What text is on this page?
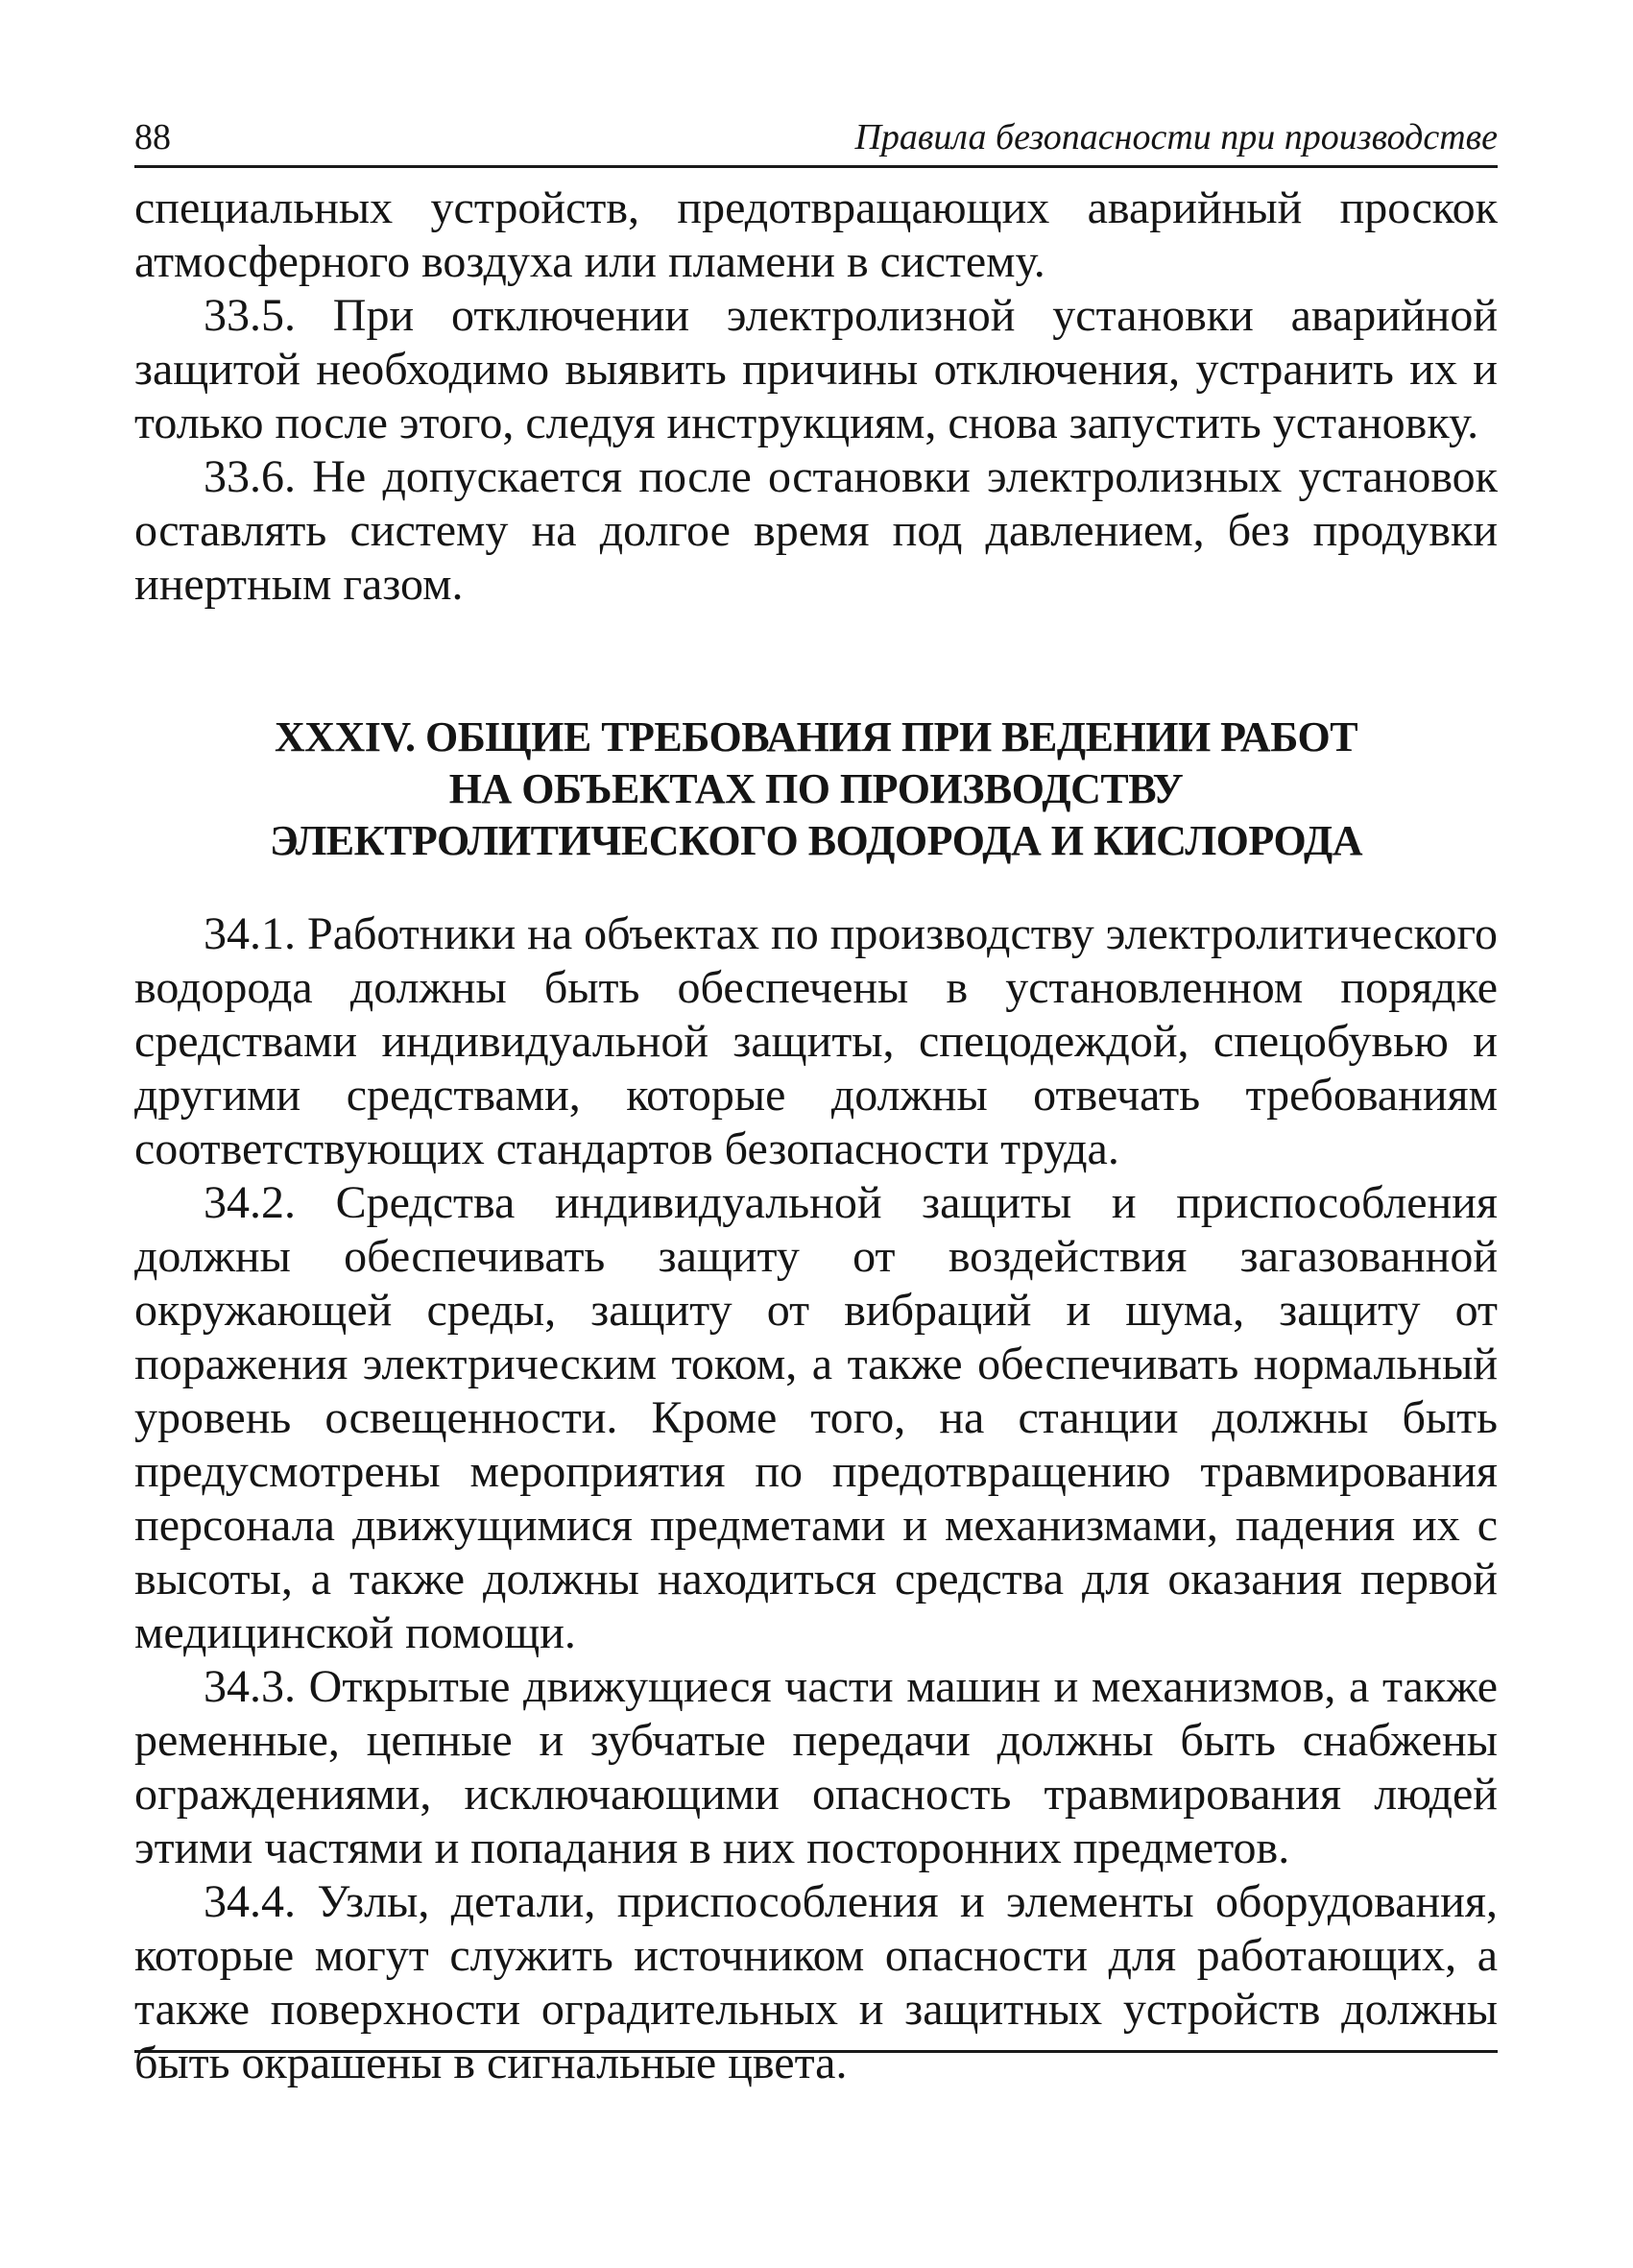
88	Правила безопасности при производстве

специальных устройств, предотвращающих аварийный проскок атмосферного воздуха или пламени в систему.

33.5. При отключении электролизной установки аварийной защитой необходимо выявить причины отключения, устранить их и только после этого, следуя инструкциям, снова запустить установку.

33.6. Не допускается после остановки электролизных установок оставлять систему на долгое время под давлением, без продувки инертным газом.

XXXIV. ОБЩИЕ ТРЕБОВАНИЯ ПРИ ВЕДЕНИИ РАБОТ
НА ОБЪЕКТАХ ПО ПРОИЗВОДСТВУ
ЭЛЕКТРОЛИТИЧЕСКОГО ВОДОРОДА И КИСЛОРОДА

34.1. Работники на объектах по производству электролитического водорода должны быть обеспечены в установленном порядке средствами индивидуальной защиты, спецодеждой, спецобувью и другими средствами, которые должны отвечать требованиям соответствующих стандартов безопасности труда.

34.2. Средства индивидуальной защиты и приспособления должны обеспечивать защиту от воздействия загазованной окружающей среды, защиту от вибраций и шума, защиту от поражения электрическим током, а также обеспечивать нормальный уровень освещенности. Кроме того, на станции должны быть предусмотрены мероприятия по предотвращению травмирования персонала движущимися предметами и механизмами, падения их с высоты, а также должны находиться средства для оказания первой медицинской помощи.

34.3. Открытые движущиеся части машин и механизмов, а также ременные, цепные и зубчатые передачи должны быть снабжены ограждениями, исключающими опасность травмирования людей этими частями и попадания в них посторонних предметов.

34.4. Узлы, детали, приспособления и элементы оборудования, которые могут служить источником опасности для работающих, а также поверхности оградительных и защитных устройств должны быть окрашены в сигнальные цвета.
